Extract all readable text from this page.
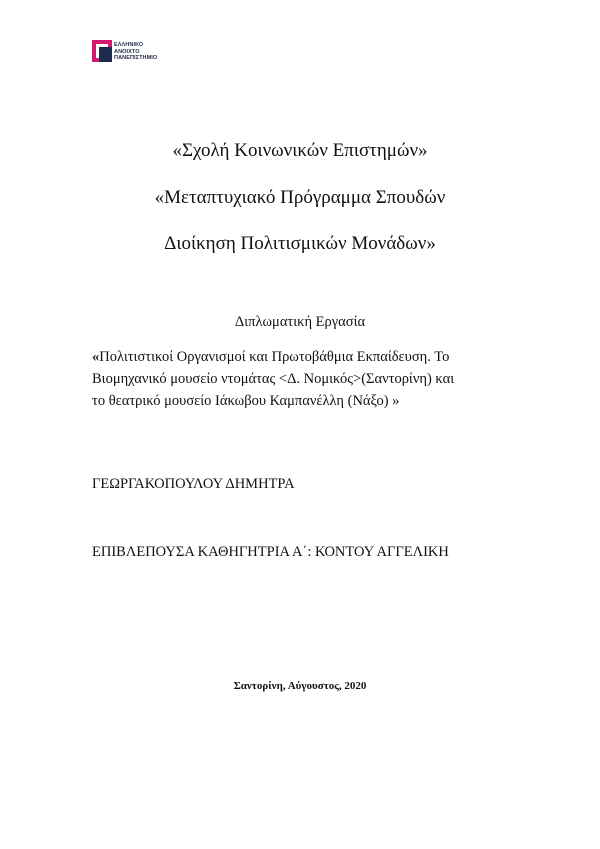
ΕΛΛΗΝΙΚΟ
ΑΝΟΙΧΤΟ
ΠΑΝΕΠΙΣΤΗΜΙΟ
«Σχολή Κοινωνικών Επιστημών»
«Μεταπτυχιακό Πρόγραμμα Σπουδών
Διοίκηση Πολιτισμικών Μονάδων»
Διπλωματική Εργασία
«Πολιτιστικοί Οργανισμοί και Πρωτοβάθμια Εκπαίδευση. Το
Βιομηχανικό μουσείο ντομάτας <Δ. Νομικός>(Σαντορίνη) και
το θεατρικό μουσείο Ιάκωβου Καμπανέλλη (Νάξο) »
ΓΕΩΡΓΑΚΟΠΟΥΛΟΥ ΔΗΜΗΤΡΑ
ΕΠΙΒΛΕΠΟΥΣΑ ΚΑΘΗΓΗΤΡΙΑ Α΄: ΚΟΝΤΟΥ ΑΓΓΕΛΙΚΗ
Σαντορίνη, Αύγουστος, 2020
